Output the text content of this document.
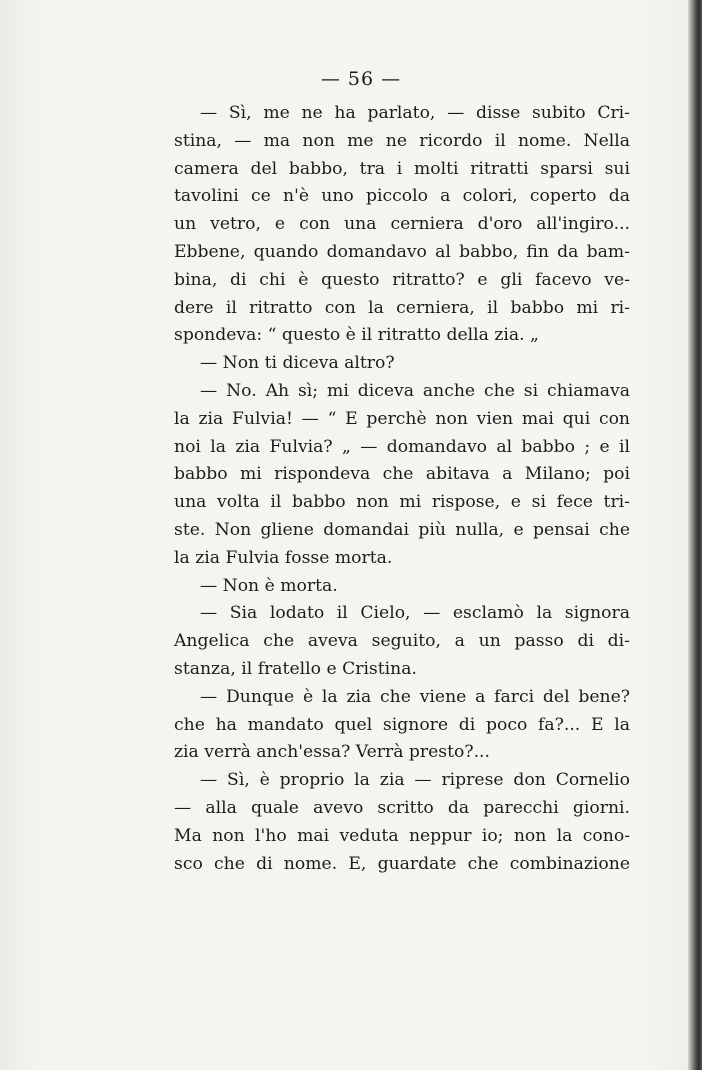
— 56 —
— Sì, me ne ha parlato, — disse subito Cri-
stina, — ma non me ne ricordo il nome. Nella
camera del babbo, tra i molti ritratti sparsi sui
tavolini ce n'è uno piccolo a colori, coperto da
un vetro, e con una cerniera d'oro all'ingiro...
Ebbene, quando domandavo al babbo, fin da bam-
bina, di chi è questo ritratto? e gli facevo ve-
dere il ritratto con la cerniera, il babbo mi ri-
spondeva: “ questo è il ritratto della zia. „
— Non ti diceva altro?
— No. Ah sì; mi diceva anche che si chiamava
la zia Fulvia! — “ E perchè non vien mai qui con
noi la zia Fulvia? „ — domandavo al babbo ; e il
babbo mi rispondeva che abitava a Milano; poi
una volta il babbo non mi rispose, e si fece tri-
ste. Non gliene domandai più nulla, e pensai che
la zia Fulvia fosse morta.
— Non è morta.
— Sia lodato il Cielo, — esclamò la signora
Angelica che aveva seguito, a un passo di di-
stanza, il fratello e Cristina.
— Dunque è la zia che viene a farci del bene?
che ha mandato quel signore di poco fa?... E la
zia verrà anch'essa? Verrà presto?...
— Sì, è proprio la zia — riprese don Cornelio
— alla quale avevo scritto da parecchi giorni.
Ma non l'ho mai veduta neppur io; non la cono-
sco che di nome. E, guardate che combinazione
